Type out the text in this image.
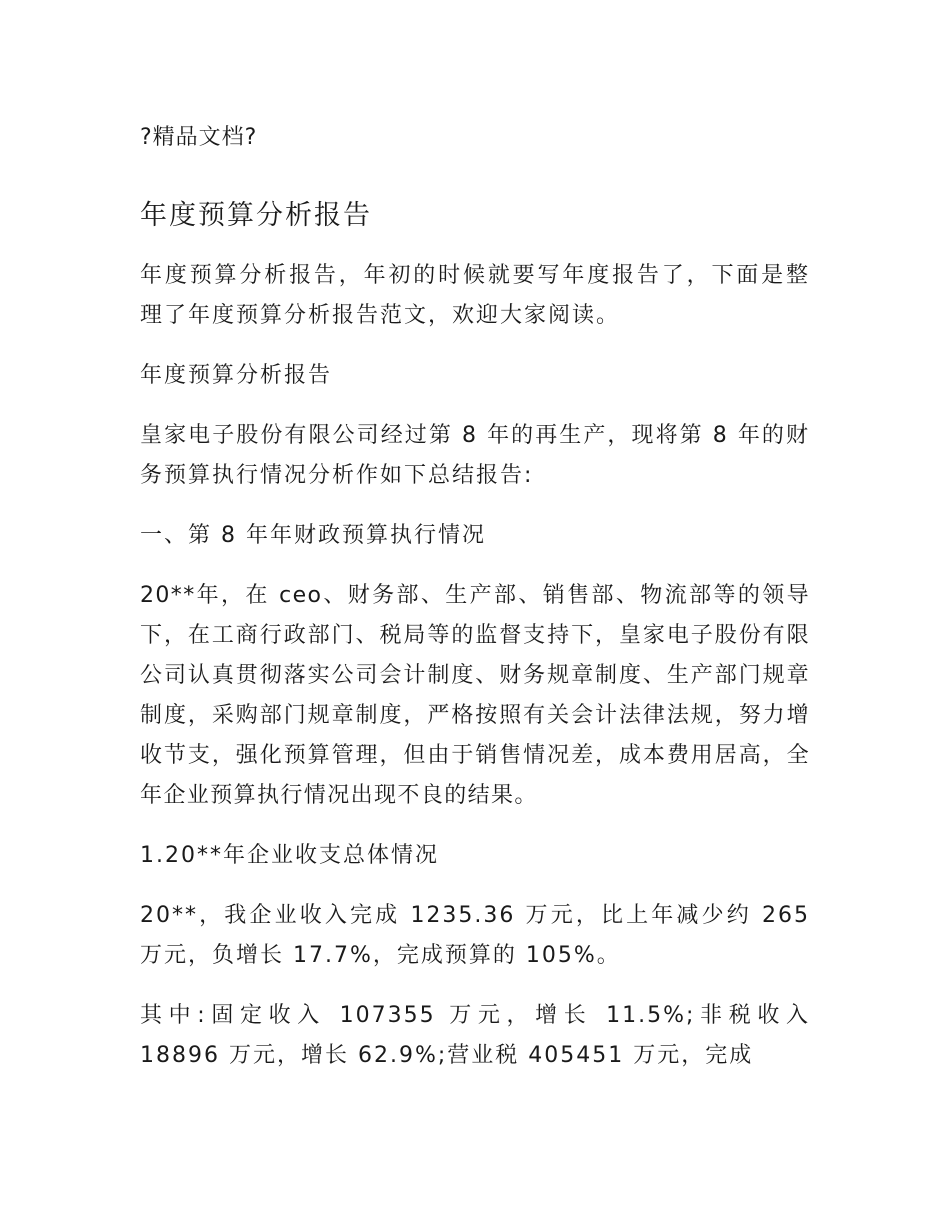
?精品文档?
年度预算分析报告

年度预算分析报告，年初的时候就要写年度报告了，下面是整理了年度预算分析报告范文，欢迎大家阅读。

年度预算分析报告

皇家电子股份有限公司经过第 8 年的再生产，现将第 8 年的财务预算执行情况分析作如下总结报告:

一、第 8 年年财政预算执行情况

20**年，在 ceo、财务部、生产部、销售部、物流部等的领导下，在工商行政部门、税局等的监督支持下，皇家电子股份有限公司认真贯彻落实公司会计制度、财务规章制度、生产部门规章制度，采购部门规章制度，严格按照有关会计法律法规，努力增收节支，强化预算管理，但由于销售情况差，成本费用居高，全年企业预算执行情况出现不良的结果。

1.20**年企业收支总体情况

20**，我企业收入完成 1235.36 万元，比上年减少约 265 万元，负增长 17.7%，完成预算的 105%。

其中:固定收入 107355 万元，增长 11.5%;非税收入 18896 万元，增长 62.9%;营业税 405451 万元，完成
